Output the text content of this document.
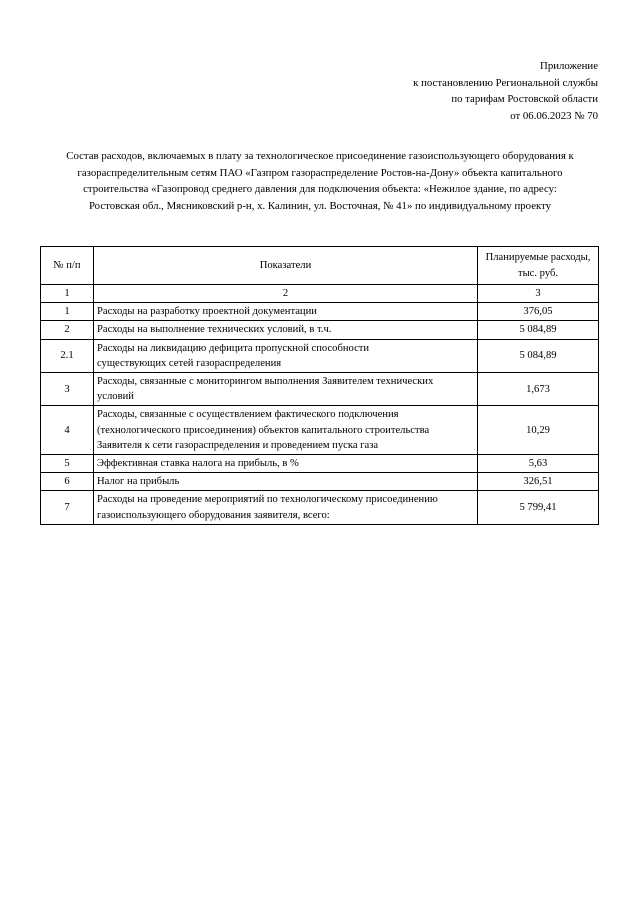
Приложение
к постановлению Региональной службы
по тарифам Ростовской области
от 06.06.2023 № 70
Состав расходов, включаемых в плату за технологическое присоединение газоиспользующего оборудования к
газораспределительным сетям ПАО «Газпром газораспределение Ростов-на-Дону» объекта капитального
строительства «Газопровод среднего давления для подключения объекта: «Нежилое здание, по адресу:
Ростовская обл., Мясниковский р-н, х. Калинин, ул. Восточная, № 41» по индивидуальному проекту
№ п/п	Показатели	Планируемые расходы,
тыс. руб.

1	2	3
1	Расходы на разработку проектной документации	376,05
2	Расходы на выполнение технических условий, в т.ч.	5 084,89
2.1	Расходы на ликвидацию дефицита пропускной способности
существующих сетей газораспределения	5 084,89
3	Расходы, связанные с мониторингом выполнения Заявителем технических
условий	1,673
4	Расходы, связанные с осуществлением фактического подключения
(технологического присоединения) объектов капитального строительства
Заявителя к сети газораспределения и проведением пуска газа	10,29
5	Эффективная ставка налога на прибыль, в %	5,63
6	Налог на прибыль	326,51
7	Расходы на проведение мероприятий по технологическому присоединению
газоиспользующего оборудования заявителя, всего:	5 799,41
